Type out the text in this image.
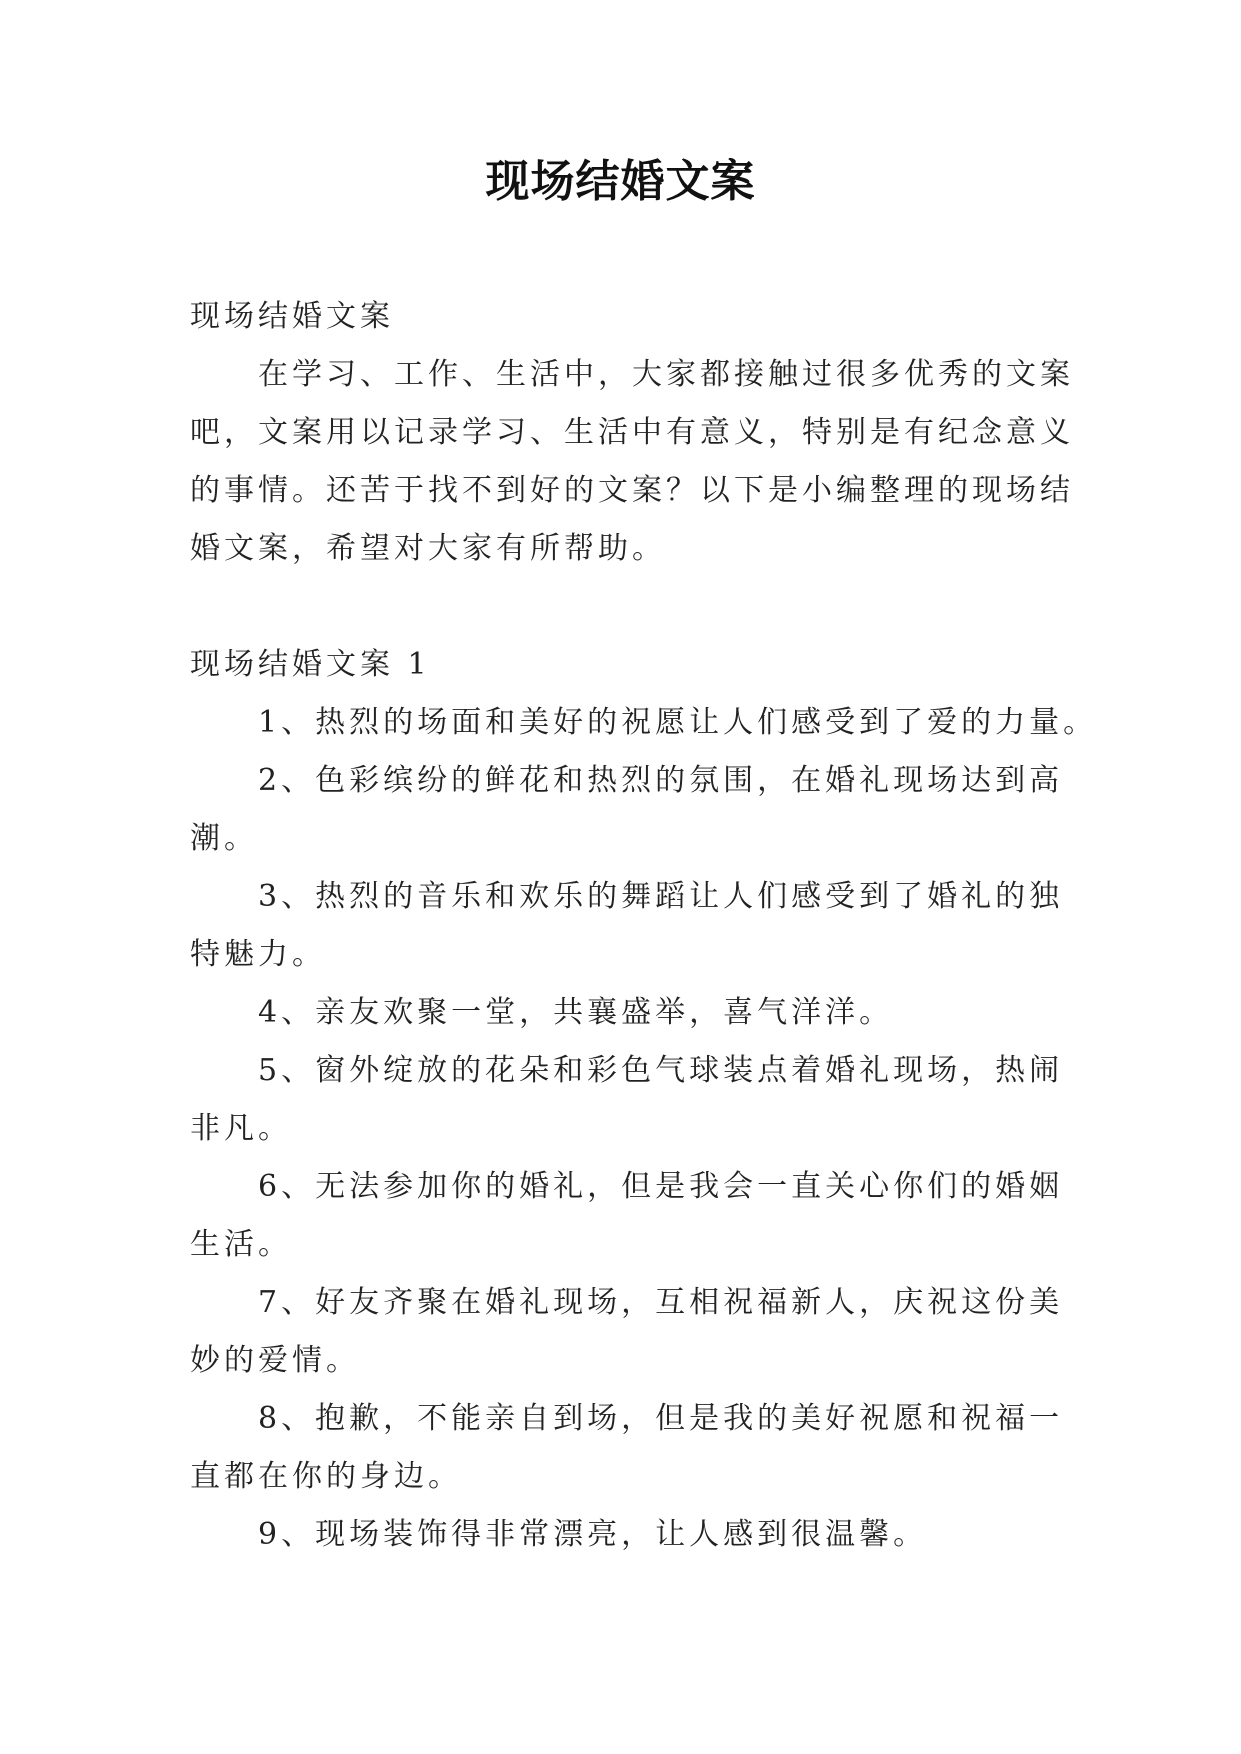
现场结婚文案

现场结婚文案

在学习、工作、生活中，大家都接触过很多优秀的文案

吧，文案用以记录学习、生活中有意义，特别是有纪念意义

的事情。还苦于找不到好的文案？以下是小编整理的现场结

婚文案，希望对大家有所帮助。

现场结婚文案 1

1、热烈的场面和美好的祝愿让人们感受到了爱的力量。

2、色彩缤纷的鲜花和热烈的氛围，在婚礼现场达到高

潮。

3、热烈的音乐和欢乐的舞蹈让人们感受到了婚礼的独

特魅力。

4、亲友欢聚一堂，共襄盛举，喜气洋洋。

5、窗外绽放的花朵和彩色气球装点着婚礼现场，热闹

非凡。

6、无法参加你的婚礼，但是我会一直关心你们的婚姻

生活。

7、好友齐聚在婚礼现场，互相祝福新人，庆祝这份美

妙的爱情。

8、抱歉，不能亲自到场，但是我的美好祝愿和祝福一

直都在你的身边。

9、现场装饰得非常漂亮，让人感到很温馨。
